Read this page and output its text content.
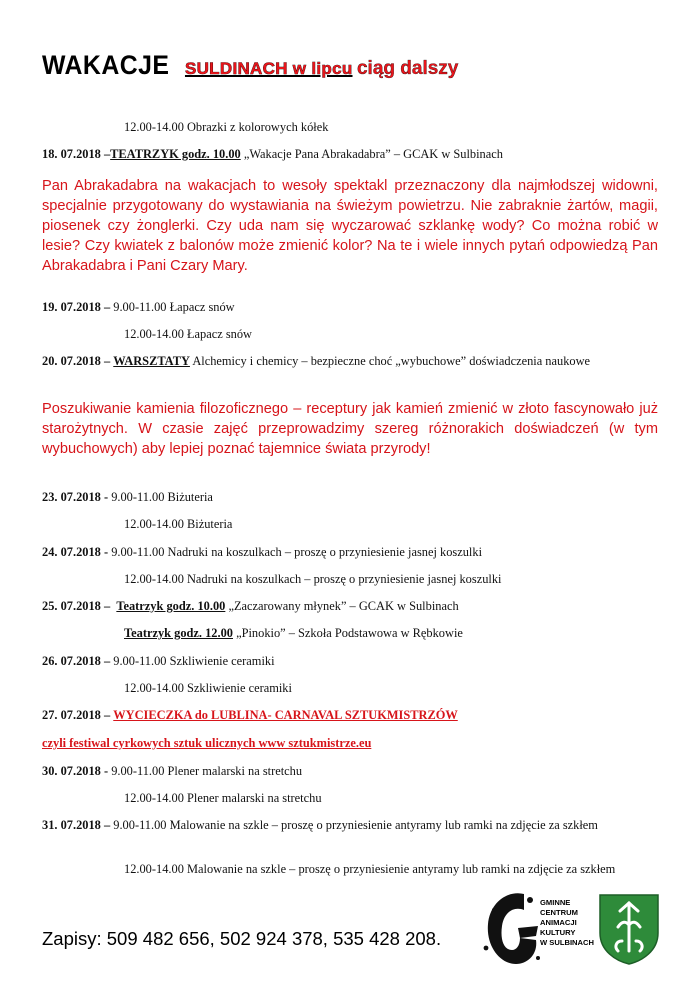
WAKACJE SULDINACH w lipcu ciąg dalszy
12.00-14.00 Obrazki z kolorowych kółek
18. 07.2018 –TEATRZYK godz. 10.00 „Wakacje Pana Abrakadabra” – GCAK w Sulbinach
Pan Abrakadabra na wakacjach to wesoły spektakl przeznaczony dla najmłodszej widowni, specjalnie przygotowany do wystawiania na świeżym powietrzu. Nie zabraknie żartów, magii, piosenek czy żonglerki. Czy uda nam się wyczarować szklankę wody? Co można robić w lesie? Czy kwiatek z balonów może zmienić kolor? Na te i wiele innych pytań odpowiedzą Pan Abrakadabra i Pani Czary Mary.
19. 07.2018 – 9.00-11.00 Łapacz snów
12.00-14.00 Łapacz snów
20. 07.2018 – WARSZTATY Alchemicy i chemicy – bezpieczne choć „wybuchowe” doświadczenia naukowe
Poszukiwanie kamienia filozoficznego – receptury jak kamień zmienić w złoto fascynowało już starożytnych. W czasie zajęć przeprowadzimy szereg różnorakich doświadczeń (w tym wybuchowych) aby lepiej poznać tajemnice świata przyrody!
23. 07.2018 - 9.00-11.00 Biżuteria
12.00-14.00 Biżuteria
24. 07.2018 - 9.00-11.00 Nadruki na koszulkach – proszę o przyniesienie jasnej koszulki
12.00-14.00 Nadruki na koszulkach – proszę o przyniesienie jasnej koszulki
25. 07.2018 – Teatrzyk godz. 10.00 „Zaczarowany młynek” – GCAK w Sulbinach
Teatrzyk godz. 12.00 „Pinokio” – Szkoła Podstawowa w Rębkowie
26. 07.2018 – 9.00-11.00 Szkliwienie ceramiki
12.00-14.00 Szkliwienie ceramiki
27. 07.2018 – WYCIECZKA do LUBLINA- CARNAVAL SZTUKMISTRZÓW
czyli festiwal cyrkowych sztuk ulicznych www sztukmistrze.eu
30. 07.2018 - 9.00-11.00 Plener malarski na stretchu
12.00-14.00 Plener malarski na stretchu
31. 07.2018 – 9.00-11.00 Malowanie na szkle – proszę o przyniesienie antyramy lub ramki na zdjęcie za szkłem
12.00-14.00 Malowanie na szkle – proszę o przyniesienie antyramy lub ramki na zdjęcie za szkłem
Zapisy: 509 482 656, 502 924 378, 535 428 208.
GMINNE
CENTRUM
ANIMACJI
KULTURY
W SULBINACH
